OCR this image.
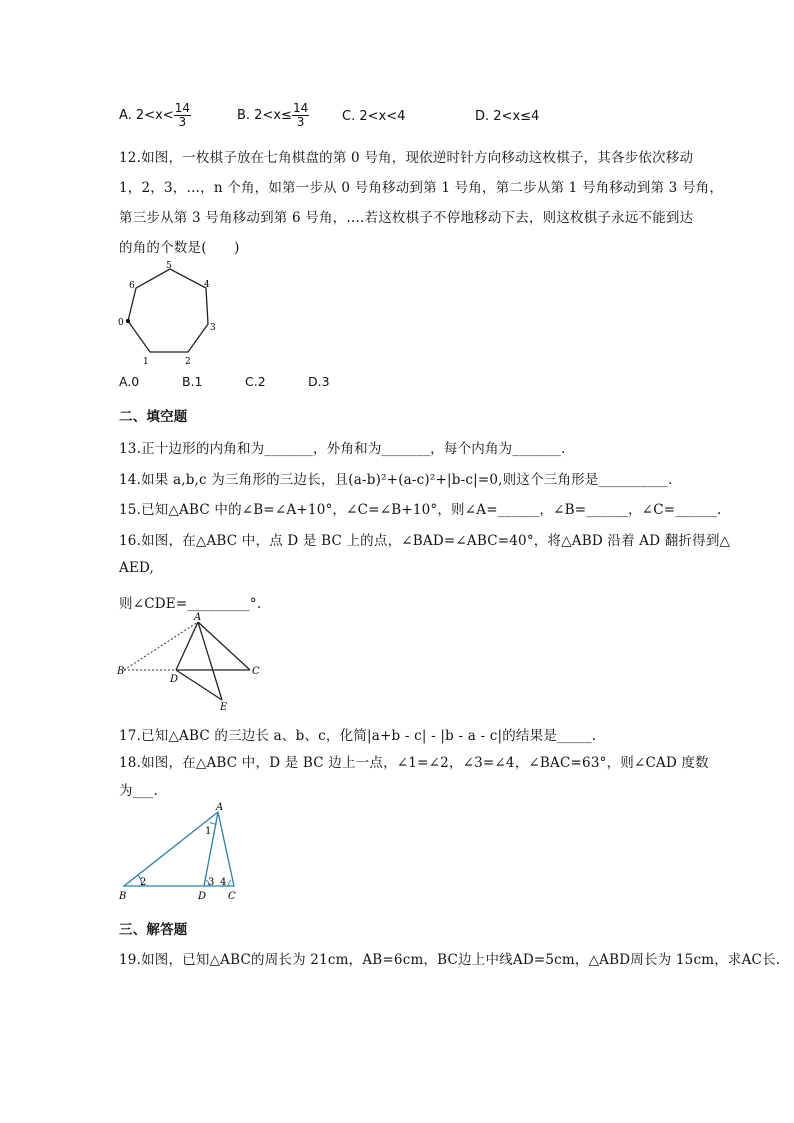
A. $2<x< \frac{14}{3}$	B. $2<x\le \frac{14}{3}$	C. 2<x<4	D. 2<x≤4
12.如图，一枚棋子放在七角棋盘的第 0 号角，现依逆时针方向移动这枚棋子，其各步依次移动
1，2，3，…，n 个角，如第一步从 0 号角移动到第 1 号角，第二步从第 1 号角移动到第 3 号角，
第三步从第 3 号角移动到第 6 号角，….若这枚棋子不停地移动下去，则这枚棋子永远不能到达
的角的个数是(　　)
0
1	2
3
4
5
6
A.0	B.1	C.2	D.3
二、填空题
13.正十边形的内角和为_______，外角和为_______，每个内角为_______.
14.如果 a,b,c 为三角形的三边长，且(a-b)²+(a-c)²+|b-c|=0,则这个三角形是__________.
15.已知△ABC 中的∠B=∠A+10°，∠C=∠B+10°，则∠A=______，∠B=______，∠C=______.
16.如图，在△ABC 中，点 D 是 BC 上的点，∠BAD=∠ABC=40°，将△ABD 沿着 AD 翻折得到△
AED,
则∠CDE=_________°.
A
B	C
D
E
17.已知△ABC 的三边长 a、b、c，化简|a+b - c| - |b - a - c|的结果是_____.
18.如图，在△ABC 中，D 是 BC 边上一点，∠1=∠2，∠3=∠4，∠BAC=63°，则∠CAD 度数
为___.
A
B	C
D
1
2	3 4
三、解答题
19.如图，已知△ABC的周长为 21cm，AB=6cm，BC边上中线AD=5cm，△ABD周长为 15cm，求AC长.
